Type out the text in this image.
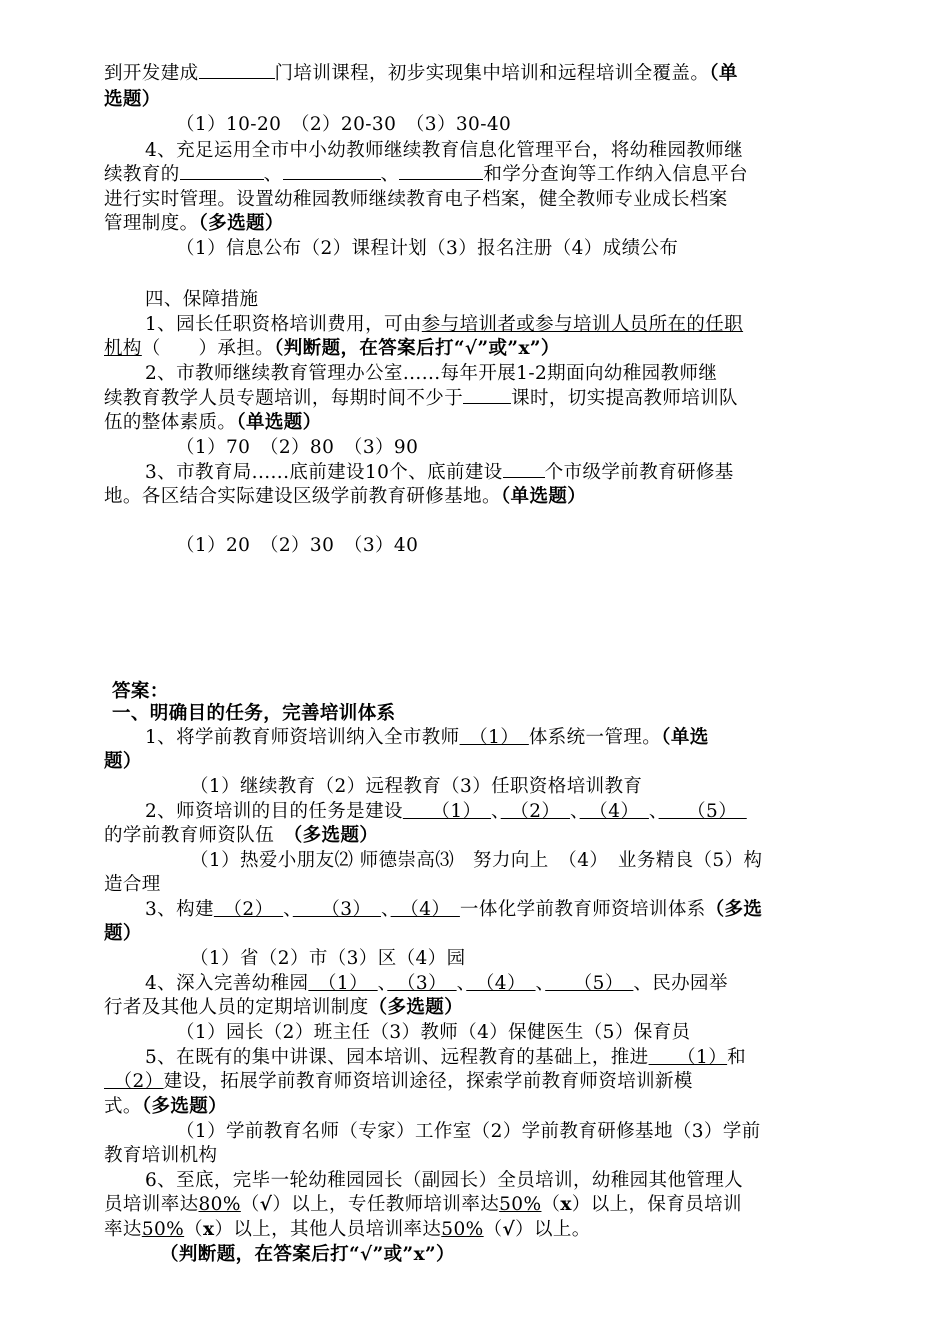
到开发建成	门培训课程，初步实现集中培训和远程培训全覆盖。（单
选题）
（1）10-20　（2）20-30　（3）30-40
4、充足运用全市中小幼教师继续教育信息化管理平台，将幼稚园教师继
续教育的	、	、	和学分查询等工作纳入信息平台
进行实时管理。设置幼稚园教师继续教育电子档案，健全教师专业成长档案
管理制度。（多选题）
（1）信息公布（2）课程计划（3）报名注册（4）成绩公布
四、保障措施
1、园长任职资格培训费用，可由参与培训者或参与培训人员所在的任职
机构（　　）承担。（判断题，在答案后打“√”或”x”）
2、市教师继续教育管理办公室......每年开展1-2期面向幼稚园教师继
续教育教学人员专题培训，每期时间不少于	课时，切实提高教师培训队
伍的整体素质。（单选题）
（1）70　（2）80　（3）90
3、市教育局......底前建设10个、底前建设 个市级学前教育研修基
地。各区结合实际建设区级学前教育研修基地。（单选题）
（1）20　（2）30　（3）40
答案：
一、明确目的任务，完善培训体系
1、将学前教育师资培训纳入全市教师　（1）　体系统一管理。（单选
题）
（1）继续教育（2）远程教育（3）任职资格培训教育
2、师资培训的目的任务是建设　　（1）　、　（2）　、　（4）　、　　（5）　
的学前教育师资队伍　（多选题）
（1）热爱小朋友⑵ 师德崇高⑶　努力向上　（4）　业务精良（5）构
造合理
3、构建　（2）　、　　（3）　、　（4）　一体化学前教育师资培训体系（多选
题）
（1）省（2）市（3）区（4）园
4、深入完善幼稚园　（1）　、　（3）　、　（4）　、　　（5）　、民办园举
行者及其他人员的定期培训制度（多选题）
（1）园长（2）班主任（3）教师（4）保健医生（5）保育员
5、在既有的集中讲课、园本培训、远程教育的基础上，推进　　（1）和
　（2）建设，拓展学前教育师资培训途径，探索学前教育师资培训新模
式。（多选题）
（1）学前教育名师（专家）工作室（2）学前教育研修基地（3）学前
教育培训机构
6、至底，完毕一轮幼稚园园长（副园长）全员培训，幼稚园其他管理人
员培训率达80%（√）以上，专任教师培训率达50%（x）以上，保育员培训
率达50%（x）以上，其他人员培训率达50%（√）以上。
（判断题，在答案后打“√”或”x”）
